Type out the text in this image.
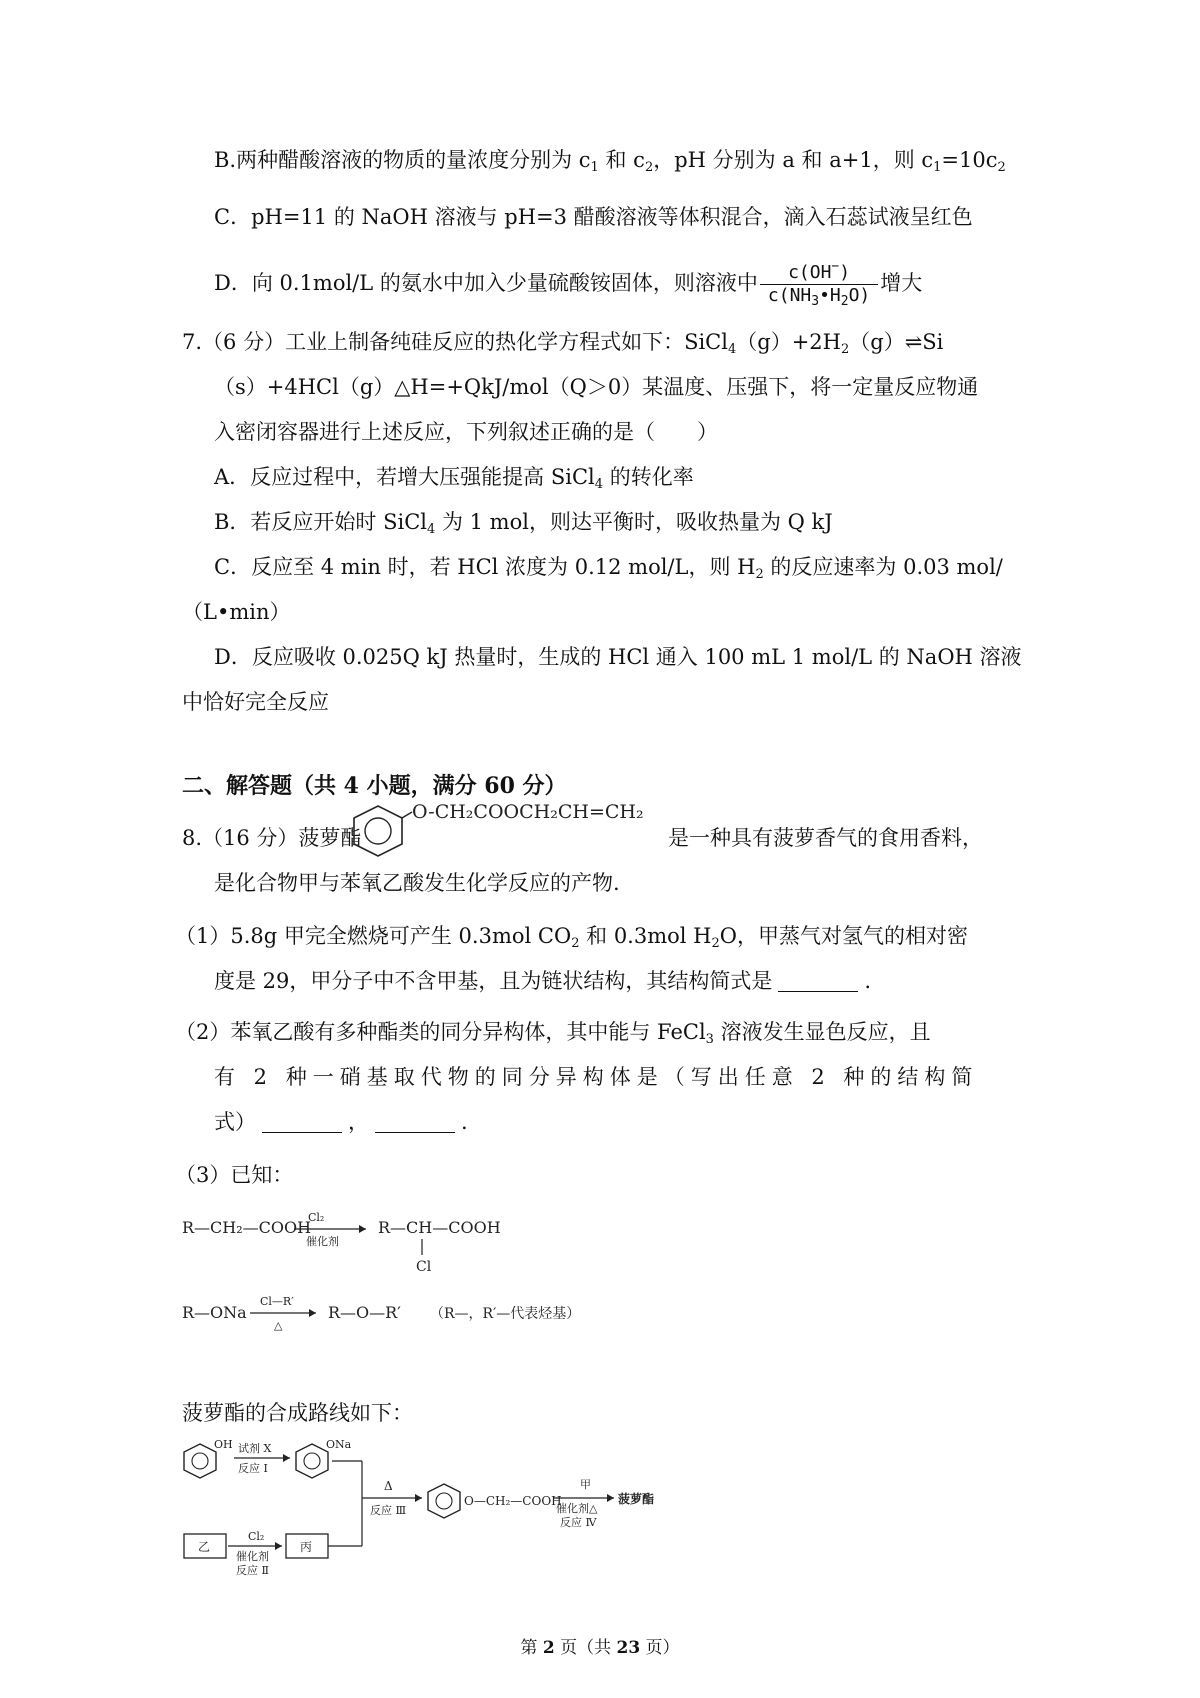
B.两种醋酸溶液的物质的量浓度分别为 $c_1$ 和 $c_2$，pH 分别为 a 和 a+1，则 $c_1=10c_2$
C．pH=11 的 NaOH 溶液与 pH=3 醋酸溶液等体积混合，滴入石蕊试液呈红色
D．向 0.1mol/L 的氨水中加入少量硫酸铵固体，则溶液中 $\frac{c(OH^-)}{c(NH_3•H_2O)}$ 增大
7.（6 分）工业上制备纯硅反应的热化学方程式如下：$SiCl_4(g)+2H_2(g)\rightleftharpoons Si$
（s）+4HCl（g）△H=+QkJ/mol（Q＞0）某温度、压强下，将一定量反应物通
入密闭容器进行上述反应，下列叙述正确的是（　　）
A．反应过程中，若增大压强能提高 SiCl$_4$ 的转化率
B．若反应开始时 SiCl$_4$ 为 1 mol，则达平衡时，吸收热量为 Q kJ
C．反应至 4 min 时，若 HCl 浓度为 0.12 mol/L，则 $H_2$ 的反应速率为 0.03 mol/
（L•min）
D．反应吸收 0.025Q kJ 热量时，生成的 HCl 通入 100 mL 1 mol/L 的 NaOH 溶液
中恰好完全反应
二、解答题（共 4 小题，满分 60 分）
8.（16 分）菠萝酯
O-CH₂COOCH₂CH=CH₂
是一种具有菠萝香气的食用香料，
是化合物甲与苯氧乙酸发生化学反应的产物.
（1）5.8g 甲完全燃烧可产生 0.3mol $CO_2$ 和 0.3mol $H_2O$，甲蒸气对氢气的相对密
度是 29，甲分子中不含甲基，且为链状结构，其结构简式是	.
（2）苯氧乙酸有多种酯类的同分异构体，其中能与 FeCl$_3$ 溶液发生显色反应，且
有 2 种一硝基取代物的同分异构体是（写出任意 2 种的结构简
式）	，	.
（3）已知：
R—CH₂—COOH
Cl₂
催化剂
R—CH—COOH
Cl
R—ONa
Cl—R′
△
R—O—R′ （R—，R′—代表烃基）
菠萝酯的合成路线如下：
OH 试剂 X
反应 Ⅰ
ONa
Δ
反应 Ⅲ
O—CH₂—COOH
甲
催化剂△
反应 Ⅳ
菠萝酯
乙
Cl₂
催化剂
反应 Ⅱ
丙
第 2 页（共 23 页）
